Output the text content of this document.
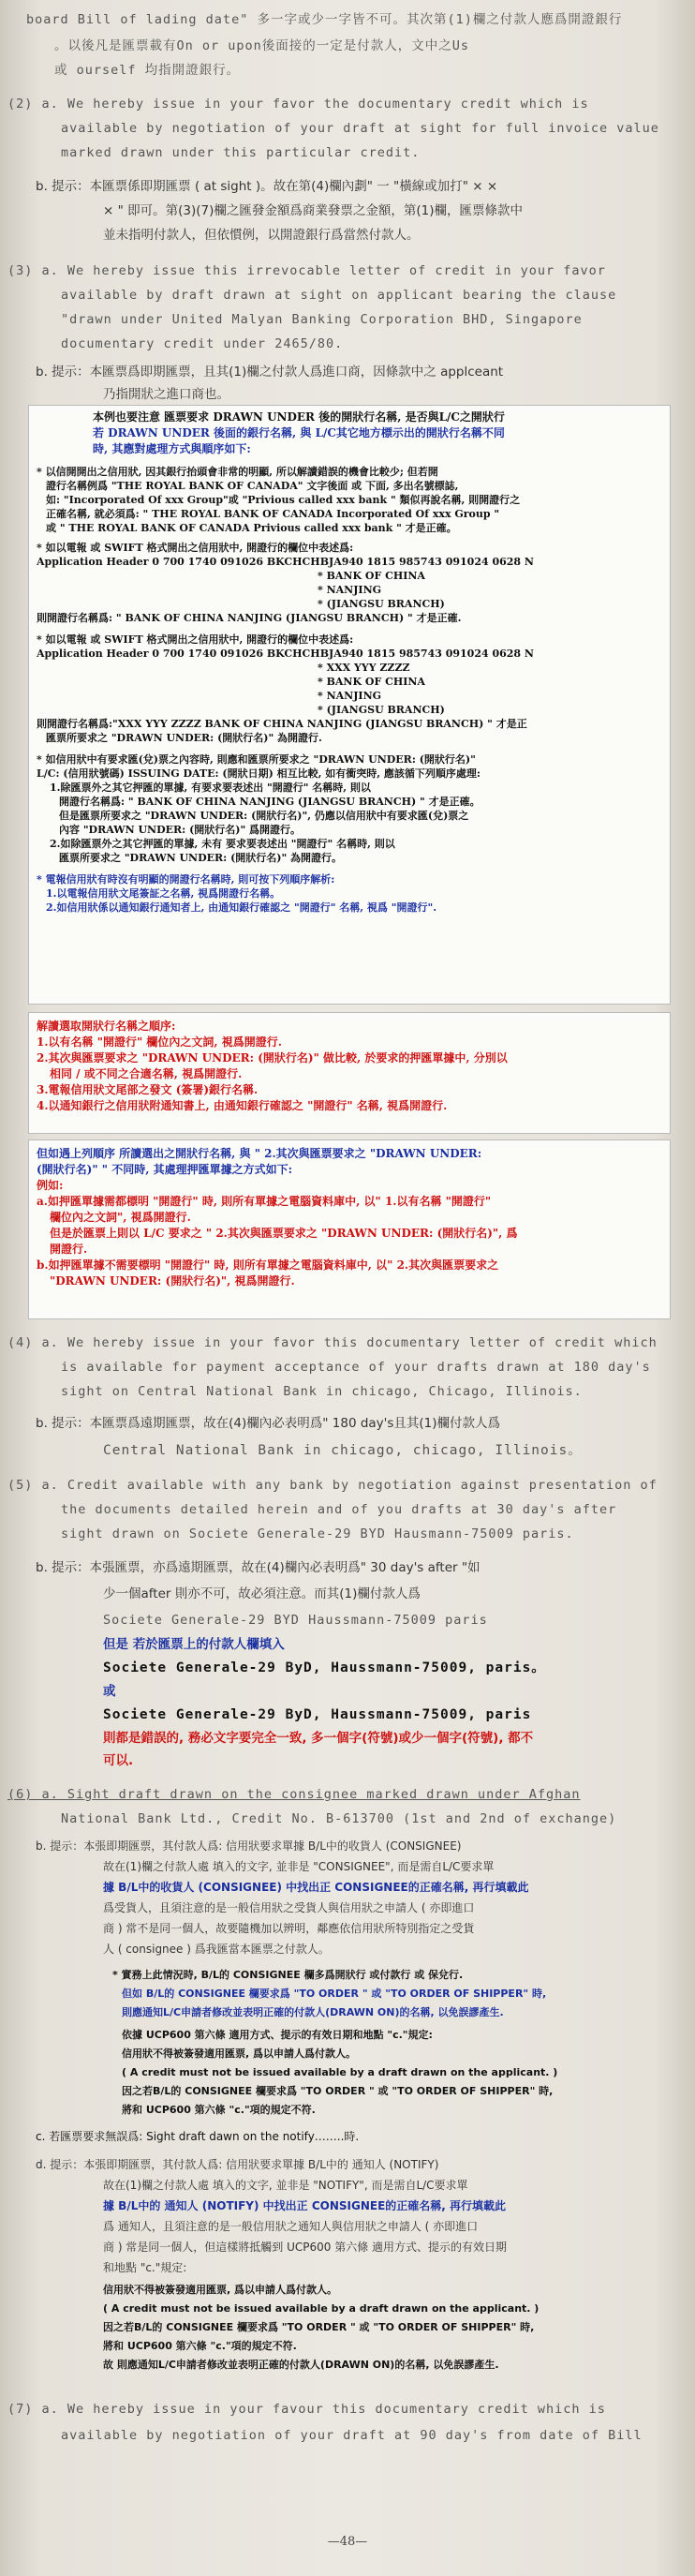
board Bill of lading date" 多一字或少一字皆不可。其次第(1)欄之付款人應爲開證銀行
。以後凡是匯票載有On or upon後面接的一定是付款人，文中之Us
或 ourself 均指開證銀行。
(2) a. We hereby issue in your favor the documentary credit which is
available by negotiation of your draft at sight for full invoice value
marked drawn under this particular credit.
b. 提示：本匯票係即期匯票 ( at sight )。故在第(4)欄內劃" 一 "橫線或加打" × ×
× " 即可。第(3)(7)欄之匯發金額爲商業發票之金額，第(1)欄，匯票條款中
並未指明付款人，但依慣例，以開證銀行爲當然付款人。
(3) a. We hereby issue this irrevocable letter of credit in your favor
available by draft drawn at sight on applicant bearing the clause
"drawn under United Malyan Banking Corporation BHD, Singapore
documentary credit under 2465/80.
b. 提示：本匯票爲即期匯票，且其(1)欄之付款人爲進口商，因條款中之 applceant
乃指開狀之進口商也。
本例也要注意 匯票要求 DRAWN UNDER 後的開狀行名稱, 是否與L/C之開狀行
若 DRAWN UNDER 後面的銀行名稱, 與 L/C其它地方標示出的開狀行名稱不同
時, 其應對處理方式與順序如下:
* 以信開開出之信用狀, 因其銀行抬頭會非常的明顯, 所以解讀錯誤的機會比較少; 但若開
證行名稱例爲 "THE ROYAL BANK OF CANADA" 文字後面 或 下面, 多出名號標誌,
如: "Incorporated Of xxx Group"或 "Privious called xxx bank " 類似再說名稱, 則開證行之
正確名稱, 就必須爲: " THE ROYAL BANK OF CANADA Incorporated Of xxx Group "
或 " THE ROYAL BANK OF CANADA Privious called xxx bank " 才是正確。
* 如以電報 或 SWIFT 格式開出之信用狀中, 開證行的欄位中表述爲:
Application Header 0 700 1740 091026 BKCHCHBJA940 1815 985743 091024 0628 N
* BANK OF CHINA
* NANJING
* (JIANGSU BRANCH)
則開證行名稱爲: " BANK OF CHINA NANJING (JIANGSU BRANCH) " 才是正確.
* 如以電報 或 SWIFT 格式開出之信用狀中, 開證行的欄位中表述爲:
Application Header 0 700 1740 091026 BKCHCHBJA940 1815 985743 091024 0628 N
* XXX YYY ZZZZ
* BANK OF CHINA
* NANJING
* (JIANGSU BRANCH)
則開證行名稱爲:"XXX YYY ZZZZ BANK OF CHINA NANJING (JIANGSU BRANCH) " 才是正
匯票所要求之 "DRAWN UNDER: (開狀行名)" 為開證行.
* 如信用狀中有要求匯(兌)票之內容時, 則應和匯票所要求之 "DRAWN UNDER: (開狀行名)"
L/C: (信用狀號碼) ISSUING DATE: (開狀日期) 相互比較, 如有衝突時, 應該循下列順序處理:
1.除匯票外之其它押匯的單據, 有要求要表述出 "開證行" 名稱時, 則以
開證行名稱爲: " BANK OF CHINA NANJING (JIANGSU BRANCH) " 才是正確。
但是匯票所要求之 "DRAWN UNDER: (開狀行名)", 仍應以信用狀中有要求匯(兌)票之
內容 "DRAWN UNDER: (開狀行名)" 爲開證行。
2.如除匯票外之其它押匯的單據, 未有 要求要表述出 "開證行" 名稱時, 則以
匯票所要求之 "DRAWN UNDER: (開狀行名)" 為開證行。
* 電報信用狀有時沒有明顯的開證行名稱時, 則可按下列順序解析:
1.以電報信用狀文尾簽証之名稱, 視爲開證行名稱。
2.如信用狀係以通知銀行通知者上, 由通知銀行確認之 "開證行" 名稱, 視爲 "開證行".
解讀選取開狀行名稱之順序:
1.以有名稱 "開證行" 欄位內之文詞, 視爲開證行.
2.其次與匯票要求之 "DRAWN UNDER: (開狀行名)" 做比較, 於要求的押匯單據中, 分別以
相同 / 或不同之合適名稱, 視爲開證行.
3.電報信用狀文尾部之發文 (簽署)銀行名稱.
4.以通知銀行之信用狀附通知書上, 由通知銀行確認之 "開證行" 名稱, 視爲開證行.
但如遇上列順序 所讀選出之開狀行名稱, 與 " 2.其次與匯票要求之 "DRAWN UNDER:
(開狀行名)" " 不同時, 其處理押匯單據之方式如下:
例如:
a.如押匯單據需都標明 "開證行" 時, 則所有單據之電腦資料庫中, 以" 1.以有名稱 "開證行"
欄位內之文詞", 視爲開證行.
但是於匯票上則以 L/C 要求之 " 2.其次與匯票要求之 "DRAWN UNDER: (開狀行名)", 爲
開證行.
b.如押匯單據不需要標明 "開證行" 時, 則所有單據之電腦資料庫中, 以" 2.其次與匯票要求之
"DRAWN UNDER: (開狀行名)", 視爲開證行.
(4) a. We hereby issue in your favor this documentary letter of credit which
is available for payment acceptance of your drafts drawn at 180 day's
sight on Central National Bank in chicago, Chicago, Illinois.
b. 提示：本匯票爲遠期匯票，故在(4)欄內必表明爲" 180 day's且其(1)欄付款人爲
Central National Bank in chicago, chicago, Illinois。
(5) a. Credit available with any bank by negotiation against presentation of
the documents detailed herein and of you drafts at 30 day's after
sight drawn on Societe Generale-29 BYD Hausmann-75009 paris.
b. 提示：本張匯票，亦爲遠期匯票，故在(4)欄內必表明爲" 30 day's after "如
少一個after 則亦不可，故必須注意。而其(1)欄付款人爲
Societe Generale-29 BYD Haussmann-75009 paris
但是 若於匯票上的付款人欄填入
Societe Generale-29 ByD, Haussmann-75009, paris。
或
Societe Generale-29 ByD, Haussmann-75009, paris
則都是錯誤的, 務必文字要完全一致, 多一個字(符號)或少一個字(符號), 都不
可以.
(6) a. Sight draft drawn on the consignee marked drawn under Afghan
National Bank Ltd., Credit No. B-613700 (1st and 2nd of exchange)
b. 提示：本張即期匯票，其付款人爲: 信用狀要求單據 B/L中的收貨人 (CONSIGNEE)
故在(1)欄之付款人處 填入的文字, 並非是 "CONSIGNEE", 而是需自L/C要求單
據 B/L中的收貨人 (CONSIGNEE) 中找出正 CONSIGNEE的正確名稱, 再行填載此
爲受貨人，且須注意的是一般信用狀之受貨人與信用狀之申請人 ( 亦即進口
商 ) 常不是同一個人，故要隨機加以辨明，鄰應依信用狀所特別指定之受貨
人 ( consignee ) 爲我匯當本匯票之付款人。
* 實務上此情況時, B/L的 CONSIGNEE 欄多爲開狀行 或付款行 或 保兌行.
但如 B/L的 CONSIGNEE 欄要求爲 "TO ORDER " 或 "TO ORDER OF SHIPPER" 時,
則應通知L/C申請者修改並表明正確的付款人(DRAWN ON)的名稱, 以免誤謬產生.
依據 UCP600 第六條 適用方式、提示的有效日期和地點 "c."規定:
信用狀不得被簽發適用匯票, 爲以申請人爲付款人。
( A credit must not be issued available by a draft drawn on the applicant. )
因之若B/L的 CONSIGNEE 欄要求爲 "TO ORDER " 或 "TO ORDER OF SHIPPER" 時,
將和 UCP600 第六條 "c."項的規定不符.
c. 若匯票要求無誤爲: Sight draft dawn on the notify……..時.
d. 提示：本張即期匯票，其付款人爲: 信用狀要求單據 B/L中的 通知人 (NOTIFY)
故在(1)欄之付款人處 填入的文字, 並非是 "NOTIFY", 而是需自L/C要求單
據 B/L中的 通知人 (NOTIFY) 中找出正 CONSIGNEE的正確名稱, 再行填載此
爲 通知人，且須注意的是一般信用狀之通知人與信用狀之申請人 ( 亦即進口
商 ) 常是同一個人，但這樣將抵觸到 UCP600 第六條 適用方式、提示的有效日期
和地點 "c."規定:
信用狀不得被簽發適用匯票, 爲以申請人爲付款人。
( A credit must not be issued available by a draft drawn on the applicant. )
因之若B/L的 CONSIGNEE 欄要求爲 "TO ORDER " 或 "TO ORDER OF SHIPPER" 時,
將和 UCP600 第六條 "c."項的規定不符.
故 則應通知L/C申請者修改並表明正確的付款人(DRAWN ON)的名稱, 以免誤謬產生.
(7) a. We hereby issue in your favour this documentary credit which is
available by negotiation of your draft at 90 day's from date of Bill
—48—
